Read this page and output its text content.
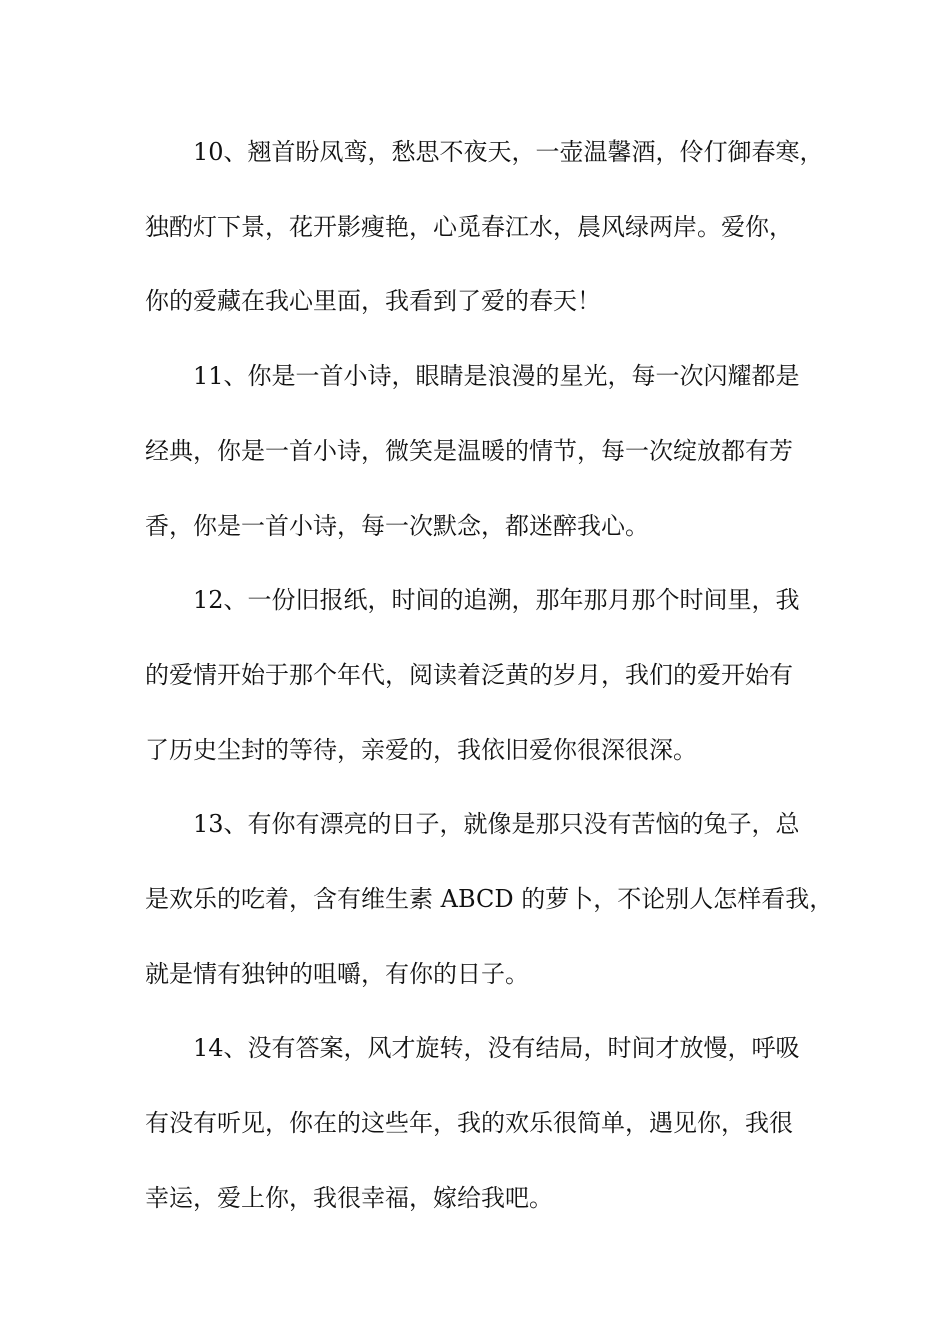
10、翘首盼凤鸾，愁思不夜天，一壶温馨酒，伶仃御春寒，
独酌灯下景，花开影瘦艳，心觅春江水，晨风绿两岸。爱你，
你的爱藏在我心里面，我看到了爱的春天！
11、你是一首小诗，眼睛是浪漫的星光，每一次闪耀都是
经典，你是一首小诗，微笑是温暖的情节，每一次绽放都有芳
香，你是一首小诗，每一次默念，都迷醉我心。
12、一份旧报纸，时间的追溯，那年那月那个时间里，我
的爱情开始于那个年代，阅读着泛黄的岁月，我们的爱开始有
了历史尘封的等待，亲爱的，我依旧爱你很深很深。
13、有你有漂亮的日子，就像是那只没有苦恼的兔子，总
是欢乐的吃着，含有维生素 ABCD 的萝卜，不论别人怎样看我，
就是情有独钟的咀嚼，有你的日子。
14、没有答案，风才旋转，没有结局，时间才放慢，呼吸
有没有听见，你在的这些年，我的欢乐很简单，遇见你，我很
幸运，爱上你，我很幸福，嫁给我吧。
